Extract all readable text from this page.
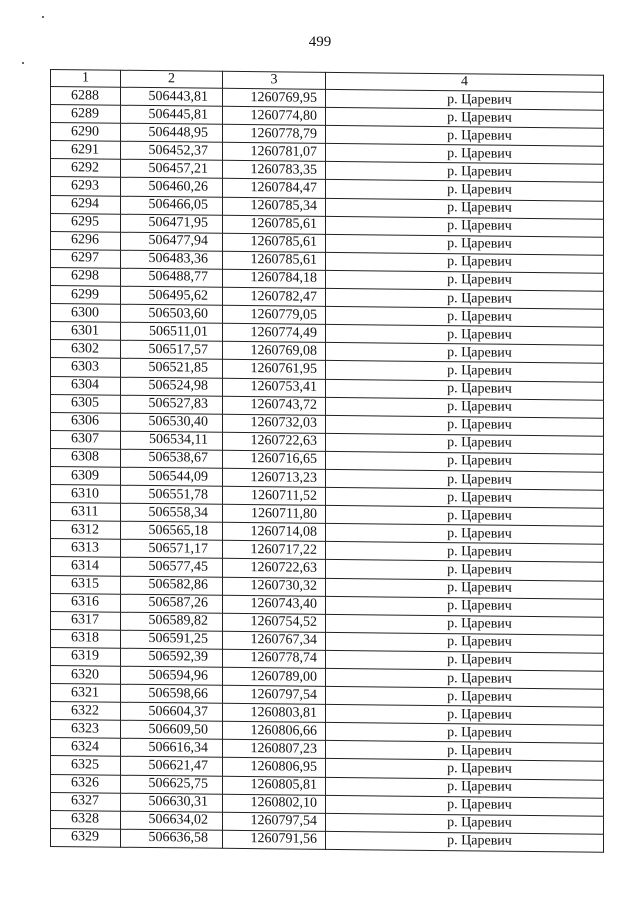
499
1	2	3	4
6288	506443,81	1260769,95	р. Царевич
6289	506445,81	1260774,80	р. Царевич
6290	506448,95	1260778,79	р. Царевич
6291	506452,37	1260781,07	р. Царевич
6292	506457,21	1260783,35	р. Царевич
6293	506460,26	1260784,47	р. Царевич
6294	506466,05	1260785,34	р. Царевич
6295	506471,95	1260785,61	р. Царевич
6296	506477,94	1260785,61	р. Царевич
6297	506483,36	1260785,61	р. Царевич
6298	506488,77	1260784,18	р. Царевич
6299	506495,62	1260782,47	р. Царевич
6300	506503,60	1260779,05	р. Царевич
6301	506511,01	1260774,49	р. Царевич
6302	506517,57	1260769,08	р. Царевич
6303	506521,85	1260761,95	р. Царевич
6304	506524,98	1260753,41	р. Царевич
6305	506527,83	1260743,72	р. Царевич
6306	506530,40	1260732,03	р. Царевич
6307	506534,11	1260722,63	р. Царевич
6308	506538,67	1260716,65	р. Царевич
6309	506544,09	1260713,23	р. Царевич
6310	506551,78	1260711,52	р. Царевич
6311	506558,34	1260711,80	р. Царевич
6312	506565,18	1260714,08	р. Царевич
6313	506571,17	1260717,22	р. Царевич
6314	506577,45	1260722,63	р. Царевич
6315	506582,86	1260730,32	р. Царевич
6316	506587,26	1260743,40	р. Царевич
6317	506589,82	1260754,52	р. Царевич
6318	506591,25	1260767,34	р. Царевич
6319	506592,39	1260778,74	р. Царевич
6320	506594,96	1260789,00	р. Царевич
6321	506598,66	1260797,54	р. Царевич
6322	506604,37	1260803,81	р. Царевич
6323	506609,50	1260806,66	р. Царевич
6324	506616,34	1260807,23	р. Царевич
6325	506621,47	1260806,95	р. Царевич
6326	506625,75	1260805,81	р. Царевич
6327	506630,31	1260802,10	р. Царевич
6328	506634,02	1260797,54	р. Царевич
6329	506636,58	1260791,56	р. Царевич
